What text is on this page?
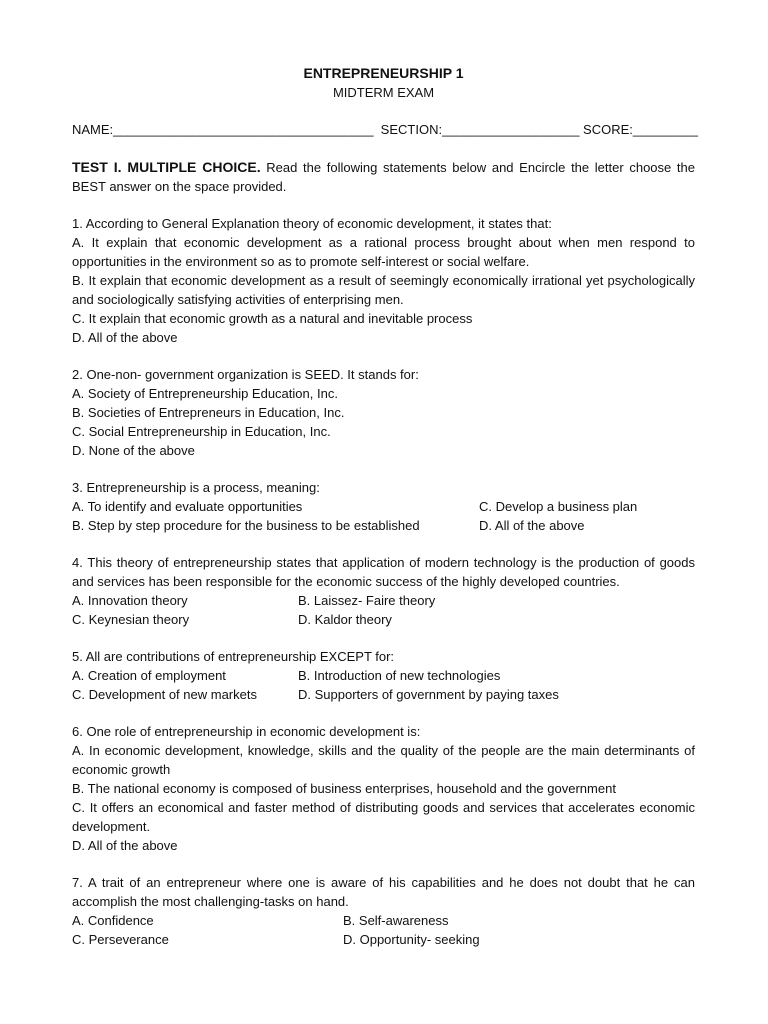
ENTREPRENEURSHIP 1
MIDTERM EXAM
NAME:____________________________________  SECTION:___________________ SCORE:_________
TEST I. MULTIPLE CHOICE. Read the following statements below and Encircle the letter choose the BEST answer on the space provided.
1. According to General Explanation theory of economic development, it states that:
A. It explain that economic development as a rational process brought about when men respond to opportunities in the environment so as to promote self-interest or social welfare.
B. It explain that economic development as a result of seemingly economically irrational yet psychologically and sociologically satisfying activities of enterprising men.
C. It explain that economic growth as a natural and inevitable process
D. All of the above
2. One-non- government organization is SEED. It stands for:
A. Society of Entrepreneurship Education, Inc.
B. Societies of Entrepreneurs in Education, Inc.
C. Social Entrepreneurship in Education, Inc.
D. None of the above
3. Entrepreneurship is a process, meaning:
A. To identify and evaluate opportunities	C. Develop a business plan
B. Step by step procedure for the business to be established	D. All of the above
4. This theory of entrepreneurship states that application of modern technology is the production of goods and services has been responsible for the economic success of the highly developed countries.
A. Innovation theory	B. Laissez- Faire theory
C. Keynesian theory	D. Kaldor theory
5. All are contributions of entrepreneurship EXCEPT for:
A. Creation of employment	B. Introduction of new technologies
C. Development of new markets	D. Supporters of government by paying taxes
6. One role of entrepreneurship in economic development is:
A. In economic development, knowledge, skills and the quality of the people are the main determinants of economic growth
B. The national economy is composed of business enterprises, household and the government
C. It offers an economical and faster method of distributing goods and services that accelerates economic development.
D. All of the above
7. A trait of an entrepreneur where one is aware of his capabilities and he does not doubt that he can accomplish the most challenging-tasks on hand.
A. Confidence	B. Self-awareness
C. Perseverance	D. Opportunity- seeking
